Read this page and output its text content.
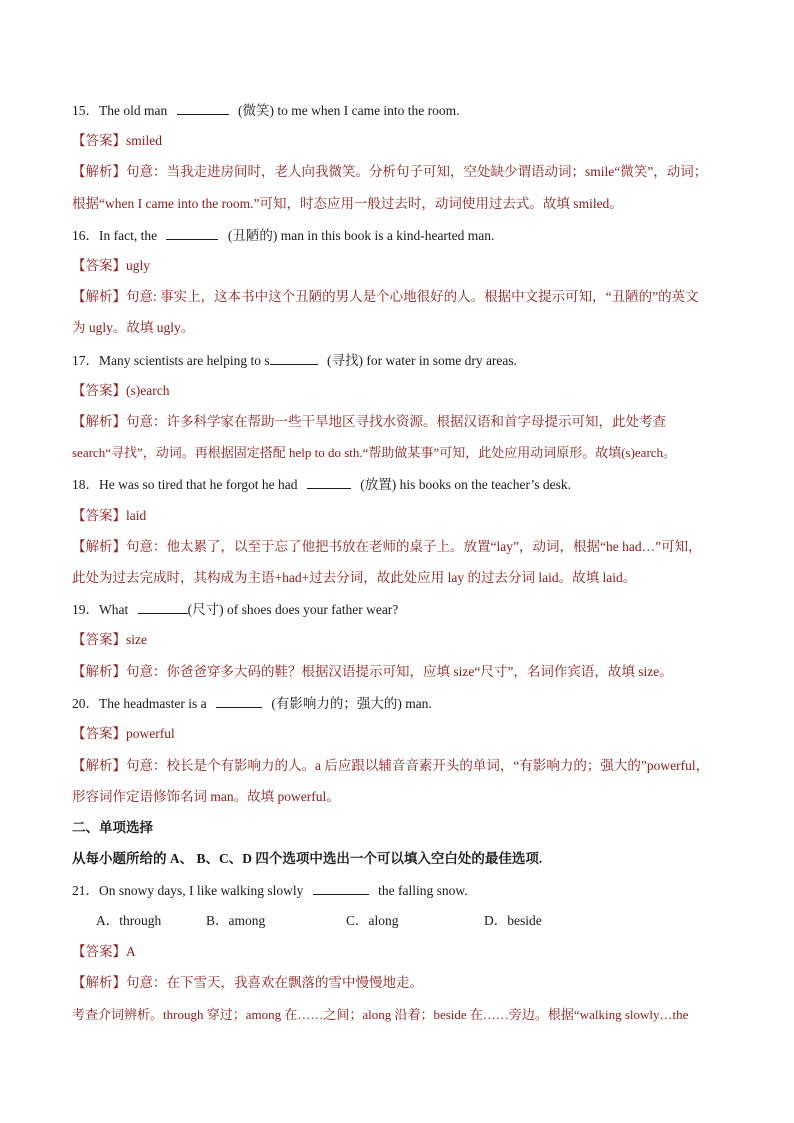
15．The old man	(微笑) to me when I came into the room.
【答案】smiled
【解析】句意：当我走进房间时，老人向我微笑。分析句子可知，空处缺少谓语动词；smile“微笑”，动词；
根据“when I came into the room.”可知，时态应用一般过去时，动词使用过去式。故填 smiled。
16．In fact, the	(丑陋的) man in this book is a kind-hearted man.
【答案】ugly
【解析】句意: 事实上，这本书中这个丑陋的男人是个心地很好的人。根据中文提示可知，“丑陋的”的英文
为 ugly。故填 ugly。
17．Many scientists are helping to s	(寻找) for water in some dry areas.
【答案】(s)earch
【解析】句意：许多科学家在帮助一些干旱地区寻找水资源。根据汉语和首字母提示可知，此处考查
search“寻找”，动词。再根据固定搭配 help to do sth.“帮助做某事”可知，此处应用动词原形。故填(s)earch。
18．He was so tired that he forgot he had	(放置) his books on the teacher’s desk.
【答案】laid
【解析】句意：他太累了，以至于忘了他把书放在老师的桌子上。放置“lay”，动词，根据“he had…”可知，
此处为过去完成时，其构成为主语+had+过去分词，故此处应用 lay 的过去分词 laid。故填 laid。
19．What	(尺寸) of shoes does your father wear?
【答案】size
【解析】句意：你爸爸穿多大码的鞋？根据汉语提示可知，应填 size“尺寸”，名词作宾语，故填 size。
20．The headmaster is a	(有影响力的；强大的) man.
【答案】powerful
【解析】句意：校长是个有影响力的人。a 后应跟以辅音音素开头的单词，“有影响力的；强大的”powerful，
形容词作定语修饰名词 man。故填 powerful。
二、单项选择
从每小题所给的 A、 B、C、D 四个选项中选出一个可以填入空白处的最佳选项.
21．On snowy days, I like walking slowly	the falling snow.
A．through	B．among	C．along	D．beside
【答案】A
【解析】句意：在下雪天，我喜欢在飘落的雪中慢慢地走。
考查介词辨析。through 穿过；among 在……之间；along 沿着；beside 在……旁边。根据“walking slowly…the
